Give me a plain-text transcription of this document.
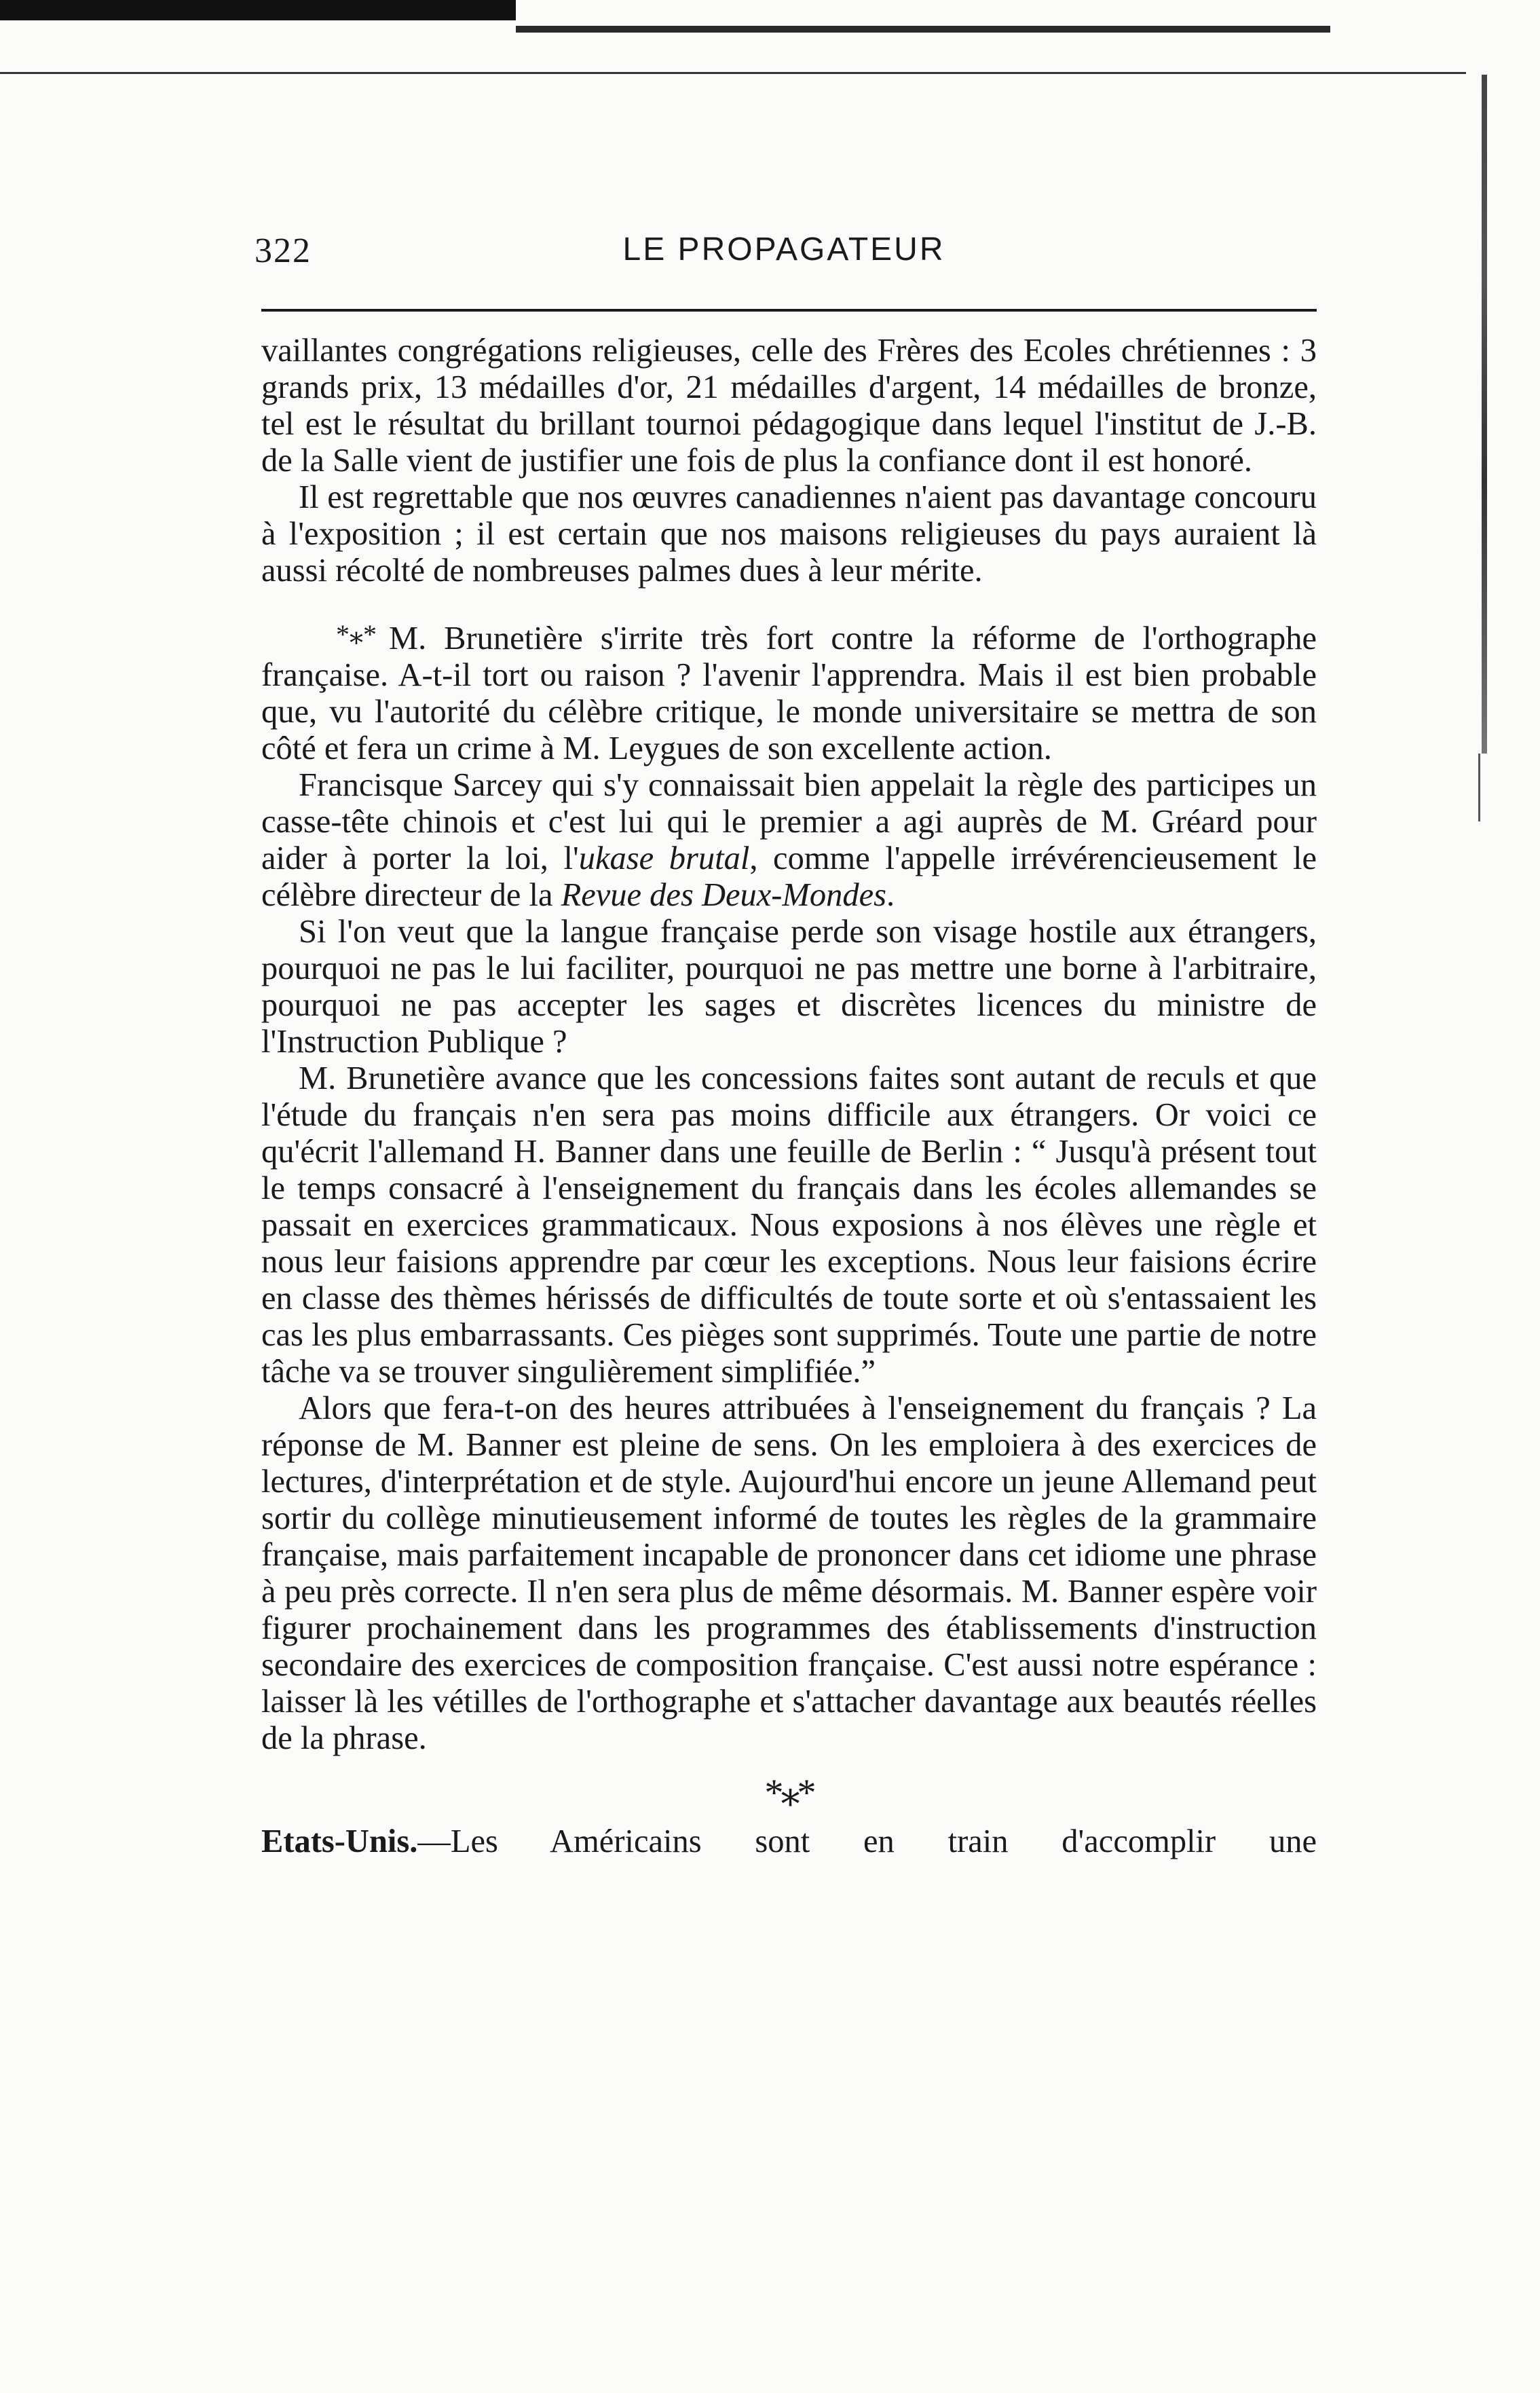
322	LE PROPAGATEUR

vaillantes congrégations religieuses, celle des Frères des Ecoles chrétiennes : 3 grands prix, 13 médailles d'or, 21 médailles d'argent, 14 médailles de bronze, tel est le résultat du brillant tournoi pédagogique dans lequel l'institut de J.-B. de la Salle vient de justifier une fois de plus la confiance dont il est honoré.

Il est regrettable que nos œuvres canadiennes n'aient pas davantage concouru à l'exposition ; il est certain que nos maisons religieuses du pays auraient là aussi récolté de nombreuses palmes dues à leur mérite.

*⁎* M. Brunetière s'irrite très fort contre la réforme de l'orthographe française. A-t-il tort ou raison ? l'avenir l'apprendra. Mais il est bien probable que, vu l'autorité du célèbre critique, le monde universitaire se mettra de son côté et fera un crime à M. Leygues de son excellente action.

Francisque Sarcey qui s'y connaissait bien appelait la règle des participes un casse-tête chinois et c'est lui qui le premier a agi auprès de M. Gréard pour aider à porter la loi, l'ukase brutal, comme l'appelle irrévérencieusement le célèbre directeur de la Revue des Deux-Mondes.

Si l'on veut que la langue française perde son visage hostile aux étrangers, pourquoi ne pas le lui faciliter, pourquoi ne pas mettre une borne à l'arbitraire, pourquoi ne pas accepter les sages et discrètes licences du ministre de l'Instruction Publique ?

M. Brunetière avance que les concessions faites sont autant de reculs et que l'étude du français n'en sera pas moins difficile aux étrangers. Or voici ce qu'écrit l'allemand H. Banner dans une feuille de Berlin : “ Jusqu'à présent tout le temps consacré à l'enseignement du français dans les écoles allemandes se passait en exercices grammaticaux. Nous exposions à nos élèves une règle et nous leur faisions apprendre par cœur les exceptions. Nous leur faisions écrire en classe des thèmes hérissés de difficultés de toute sorte et où s'entassaient les cas les plus embarrassants. Ces pièges sont supprimés. Toute une partie de notre tâche va se trouver singulièrement simplifiée.”

Alors que fera-t-on des heures attribuées à l'enseignement du français ? La réponse de M. Banner est pleine de sens. On les emploiera à des exercices de lectures, d'interprétation et de style. Aujourd'hui encore un jeune Allemand peut sortir du collège minutieusement informé de toutes les règles de la grammaire française, mais parfaitement incapable de prononcer dans cet idiome une phrase à peu près correcte. Il n'en sera plus de même désormais. M. Banner espère voir figurer prochainement dans les programmes des établissements d'instruction secondaire des exercices de composition française. C'est aussi notre espérance : laisser là les vétilles de l'orthographe et s'attacher davantage aux beautés réelles de la phrase.

*⁎*

Etats-Unis.—Les Américains sont en train d'accomplir une
